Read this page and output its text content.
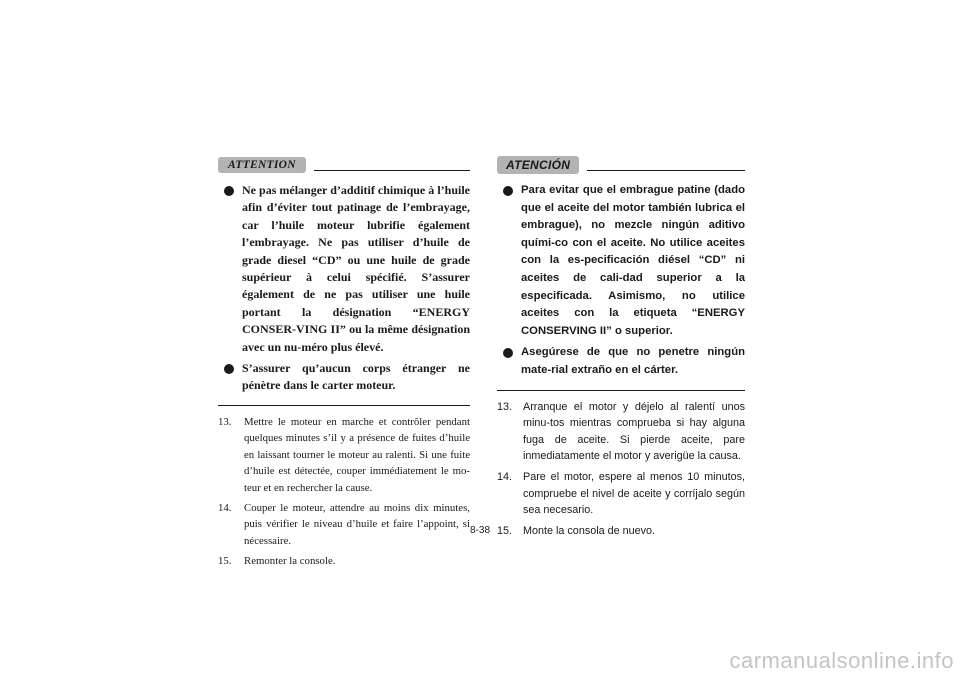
ATTENTION
Ne pas mélanger d’additif chimique à l’huile afin d’éviter tout patinage de l’embrayage, car l’huile moteur lubrifie également l’embrayage. Ne pas utiliser d’huile de grade diesel “CD” ou une huile de grade supérieur à celui spécifié. S’assurer également de ne pas utiliser une huile portant la désignation “ENERGY CONSER-VING II” ou la même désignation avec un nu-méro plus élevé.
S’assurer qu’aucun corps étranger ne pénètre dans le carter moteur.
13.	Mettre le moteur en marche et contrôler pendant quelques minutes s’il y a présence de fuites d’huile en laissant tourner le moteur au ralenti. Si une fuite d’huile est détectée, couper immédiatement le mo-teur et en rechercher la cause.
14.	Couper le moteur, attendre au moins dix minutes, puis vérifier le niveau d’huile et faire l’appoint, si nécessaire.
15.	Remonter la console.
ATENCIÓN
Para evitar que el embrague patine (dado que el aceite del motor también lubrica el embrague), no mezcle ningún aditivo quími-co con el aceite. No utilice aceites con la es-pecificación diésel “CD” ni aceites de cali-dad superior a la especificada. Asimismo, no utilice aceites con la etiqueta “ENERGY CONSERVING II” o superior.
Asegúrese de que no penetre ningún mate-rial extraño en el cárter.
13.	Arranque el motor y déjelo al ralentí unos minu-tos mientras comprueba si hay alguna fuga de aceite. Si pierde aceite, pare inmediatamente el motor y averigüe la causa.
14.	Pare el motor, espere al menos 10 minutos, compruebe el nivel de aceite y corríjalo según sea necesario.
15.	Monte la consola de nuevo.
8-38
carmanualsonline.info
